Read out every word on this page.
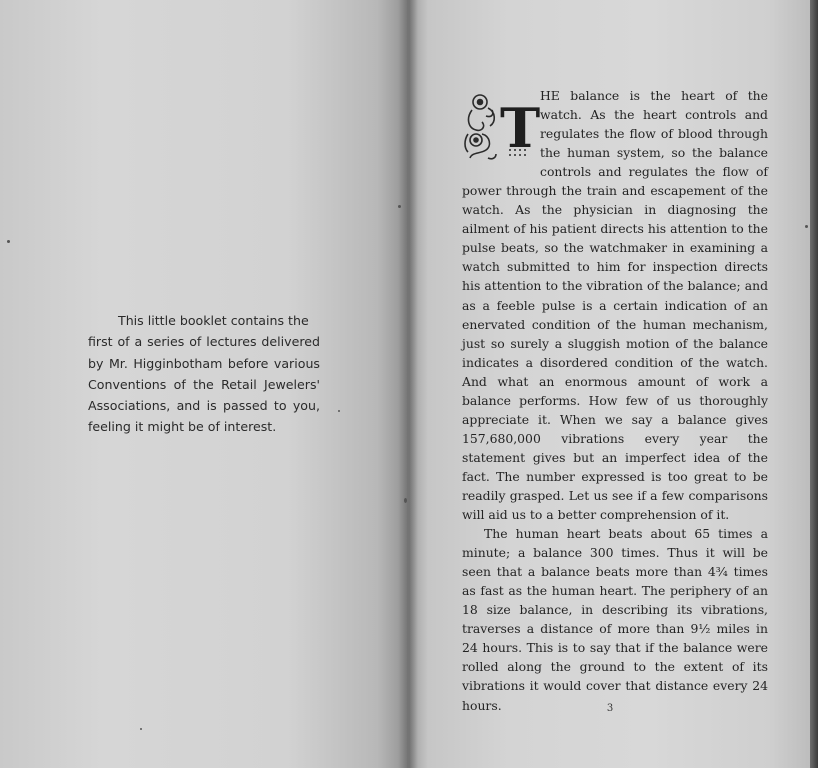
This little booklet contains the
first of a series of lectures delivered by Mr. Higginbotham before various Conventions of the Retail Jewelers' Associations, and is passed to you, feeling it might be of interest.
T

HE balance is the heart of the watch. As the heart controls and regulates the flow of blood through the human system, so the balance controls and regulates the flow of power through the train and escapement of the watch. As the physician in diagnosing the ailment of his patient directs his attention to the pulse beats, so the watchmaker in examining a watch submitted to him for inspection directs his attention to the vibration of the balance; and as a feeble pulse is a certain indication of an enervated condition of the human mechanism, just so surely a sluggish motion of the balance indicates a disordered condition of the watch. And what an enormous amount of work a balance performs. How few of us thoroughly appreciate it. When we say a balance gives 157,680,000 vibrations every year the statement gives but an imperfect idea of the fact. The number expressed is too great to be readily grasped. Let us see if a few comparisons will aid us to a better comprehension of it.

The human heart beats about 65 times a minute; a balance 300 times. Thus it will be seen that a balance beats more than 4¾ times as fast as the human heart. The periphery of an 18 size balance, in describing its vibrations, traverses a distance of more than 9½ miles in 24 hours. This is to say that if the balance were rolled along the ground to the extent of its vibrations it would cover that distance every 24 hours.	3
